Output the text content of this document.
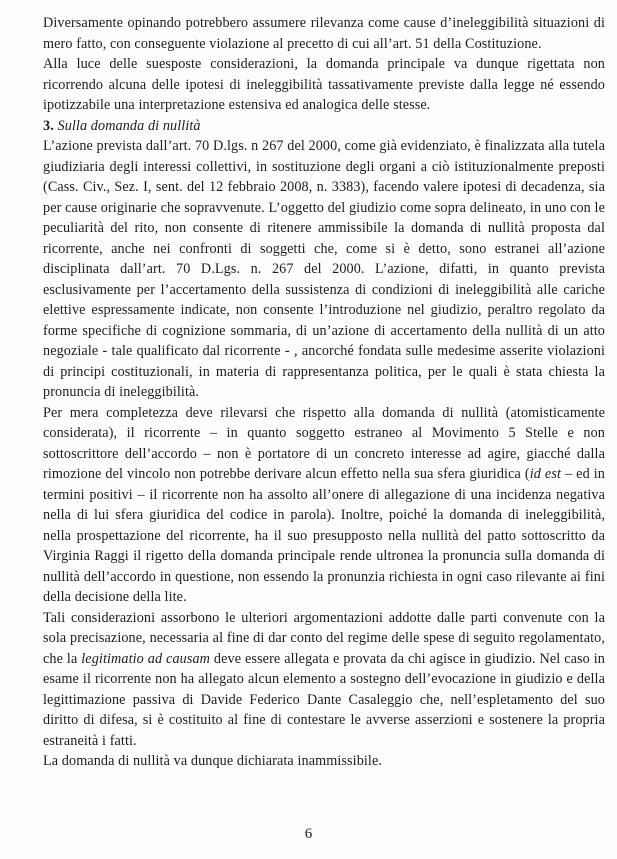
Diversamente opinando potrebbero assumere rilevanza come cause d’ineleggibilità situazioni di mero fatto, con conseguente violazione al precetto di cui all’art. 51 della Costituzione.

Alla luce delle suesposte considerazioni, la domanda principale va dunque rigettata non ricorrendo alcuna delle ipotesi di ineleggibilità tassativamente previste dalla legge né essendo ipotizzabile una interpretazione estensiva ed analogica delle stesse.

3. Sulla domanda di nullità

L’azione prevista dall’art. 70 D.lgs. n 267 del 2000, come già evidenziato, è finalizzata alla tutela giudiziaria degli interessi collettivi, in sostituzione degli organi a ciò istituzionalmente preposti (Cass. Civ., Sez. I, sent. del 12 febbraio 2008, n. 3383), facendo valere ipotesi di decadenza, sia per cause originarie che sopravvenute. L’oggetto del giudizio come sopra delineato, in uno con le peculiarità del rito, non consente di ritenere ammissibile la domanda di nullità proposta dal ricorrente, anche nei confronti di soggetti che, come si è detto, sono estranei all’azione disciplinata dall’art. 70 D.Lgs. n. 267 del 2000. L’azione, difatti, in quanto prevista esclusivamente per l’accertamento della sussistenza di condizioni di ineleggibilità alle cariche elettive espressamente indicate, non consente l’introduzione nel giudizio, peraltro regolato da forme specifiche di cognizione sommaria, di un’azione di accertamento della nullità di un atto negoziale - tale qualificato dal ricorrente - , ancorché fondata sulle medesime asserite violazioni di principi costituzionali, in materia di rappresentanza politica, per le quali è stata chiesta la pronuncia di ineleggibilità.

Per mera completezza deve rilevarsi che rispetto alla domanda di nullità (atomisticamente considerata), il ricorrente – in quanto soggetto estraneo al Movimento 5 Stelle e non sottoscrittore dell’accordo – non è portatore di un concreto interesse ad agire, giacché dalla rimozione del vincolo non potrebbe derivare alcun effetto nella sua sfera giuridica (id est – ed in termini positivi – il ricorrente non ha assolto all’onere di allegazione di una incidenza negativa nella di lui sfera giuridica del codice in parola). Inoltre, poiché la domanda di ineleggibilità, nella prospettazione del ricorrente, ha il suo presupposto nella nullità del patto sottoscritto da Virginia Raggi il rigetto della domanda principale rende ultronea la pronuncia sulla domanda di nullità dell’accordo in questione, non essendo la pronunzia richiesta in ogni caso rilevante ai fini della decisione della lite.

Tali considerazioni assorbono le ulteriori argomentazioni addotte dalle parti convenute con la sola precisazione, necessaria al fine di dar conto del regime delle spese di seguito regolamentato, che la legitimatio ad causam deve essere allegata e provata da chi agisce in giudizio. Nel caso in esame il ricorrente non ha allegato alcun elemento a sostegno dell’evocazione in giudizio e della legittimazione passiva di Davide Federico Dante Casaleggio che, nell’espletamento del suo diritto di difesa, si è costituito al fine di contestare le avverse asserzioni e sostenere la propria estraneità i fatti.

La domanda di nullità va dunque dichiarata inammissibile.

6
